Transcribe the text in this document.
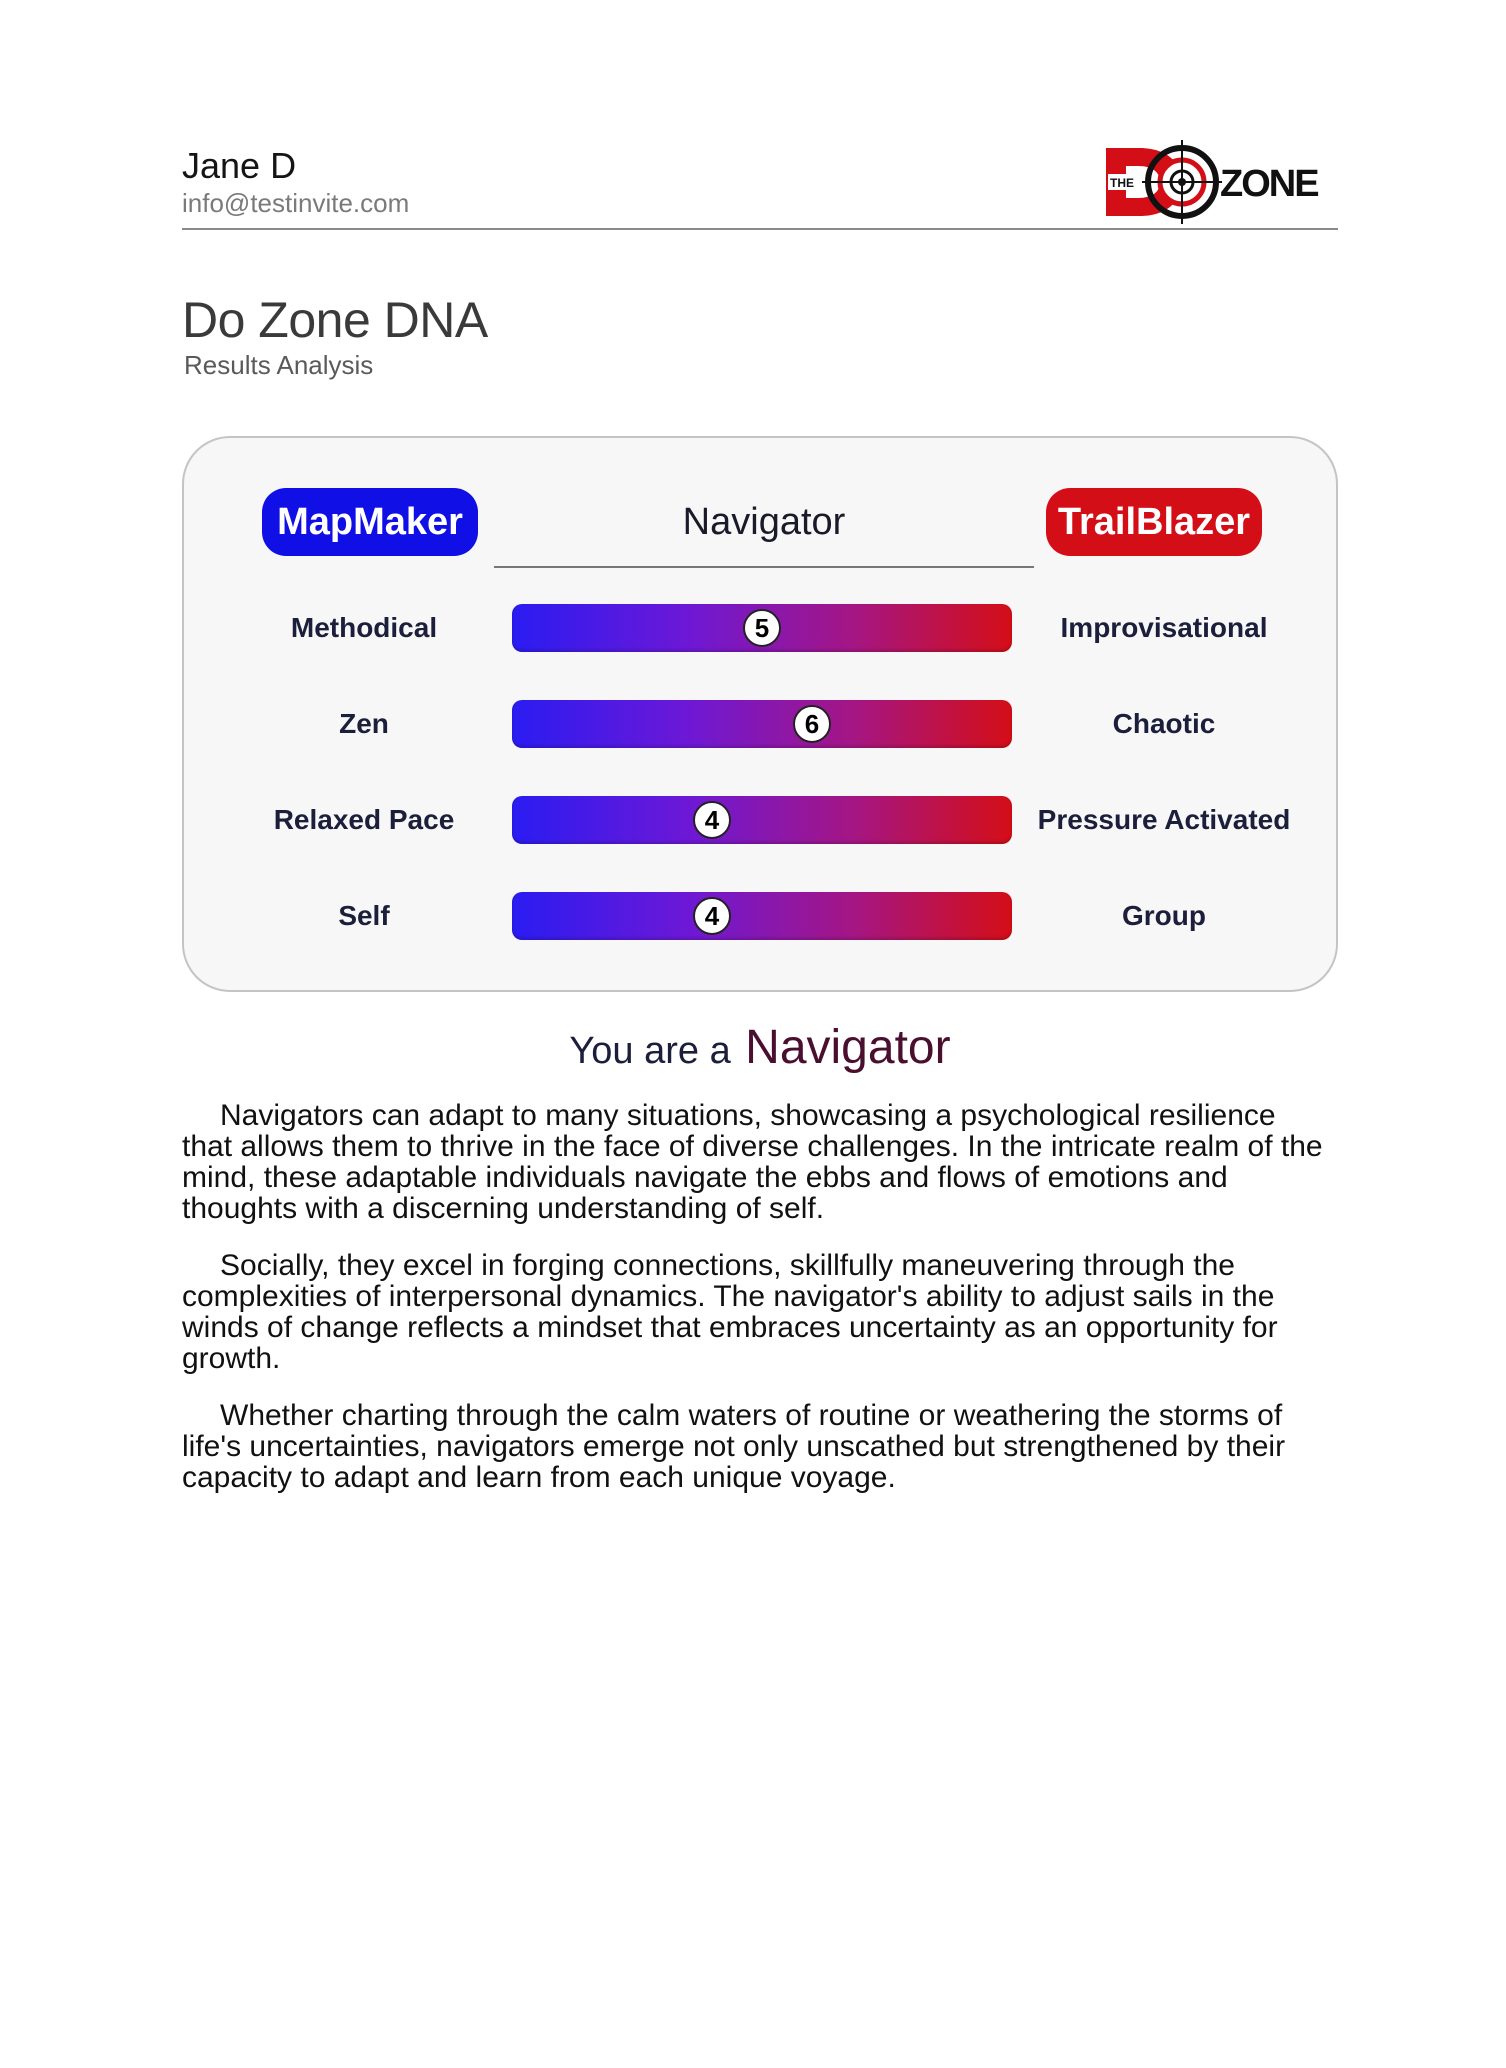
Jane D
info@testinvite.com
THE ZONE
Do Zone DNA
Results Analysis
MapMaker	Navigator	TrailBlazer
Methodical	5	Improvisational
Zen	6	Chaotic
Relaxed Pace	4	Pressure Activated
Self	4	Group
You are a Navigator

Navigators can adapt to many situations, showcasing a psychological resilience that allows them to thrive in the face of diverse challenges. In the intricate realm of the mind, these adaptable individuals navigate the ebbs and flows of emotions and thoughts with a discerning understanding of self.

Socially, they excel in forging connections, skillfully maneuvering through the complexities of interpersonal dynamics. The navigator's ability to adjust sails in the winds of change reflects a mindset that embraces uncertainty as an opportunity for growth.

Whether charting through the calm waters of routine or weathering the storms of life's uncertainties, navigators emerge not only unscathed but strengthened by their capacity to adapt and learn from each unique voyage.
